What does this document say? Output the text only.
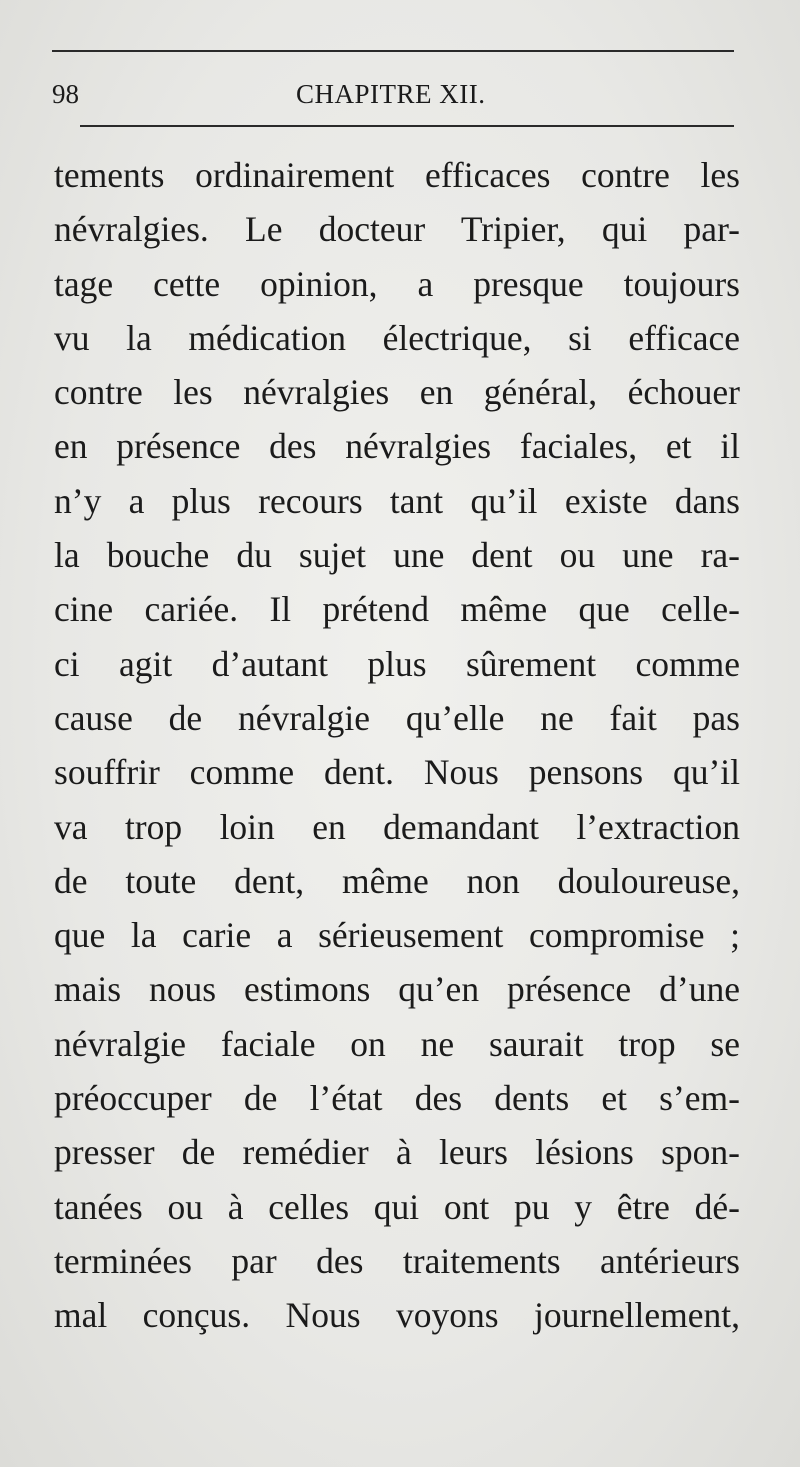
98	CHAPITRE XII.
tements ordinairement efficaces contre les
névralgies. Le docteur Tripier, qui par-
tage cette opinion, a presque toujours
vu la médication électrique, si efficace
contre les névralgies en général, échouer
en présence des névralgies faciales, et il
n’y a plus recours tant qu’il existe dans
la bouche du sujet une dent ou une ra-
cine cariée. Il prétend même que celle-
ci agit d’autant plus sûrement comme
cause de névralgie qu’elle ne fait pas
souffrir comme dent. Nous pensons qu’il
va trop loin en demandant l’extraction
de toute dent, même non douloureuse,
que la carie a sérieusement compromise ;
mais nous estimons qu’en présence d’une
névralgie faciale on ne saurait trop se
préoccuper de l’état des dents et s’em-
presser de remédier à leurs lésions spon-
tanées ou à celles qui ont pu y être dé-
terminées par des traitements antérieurs
mal conçus. Nous voyons journellement,
